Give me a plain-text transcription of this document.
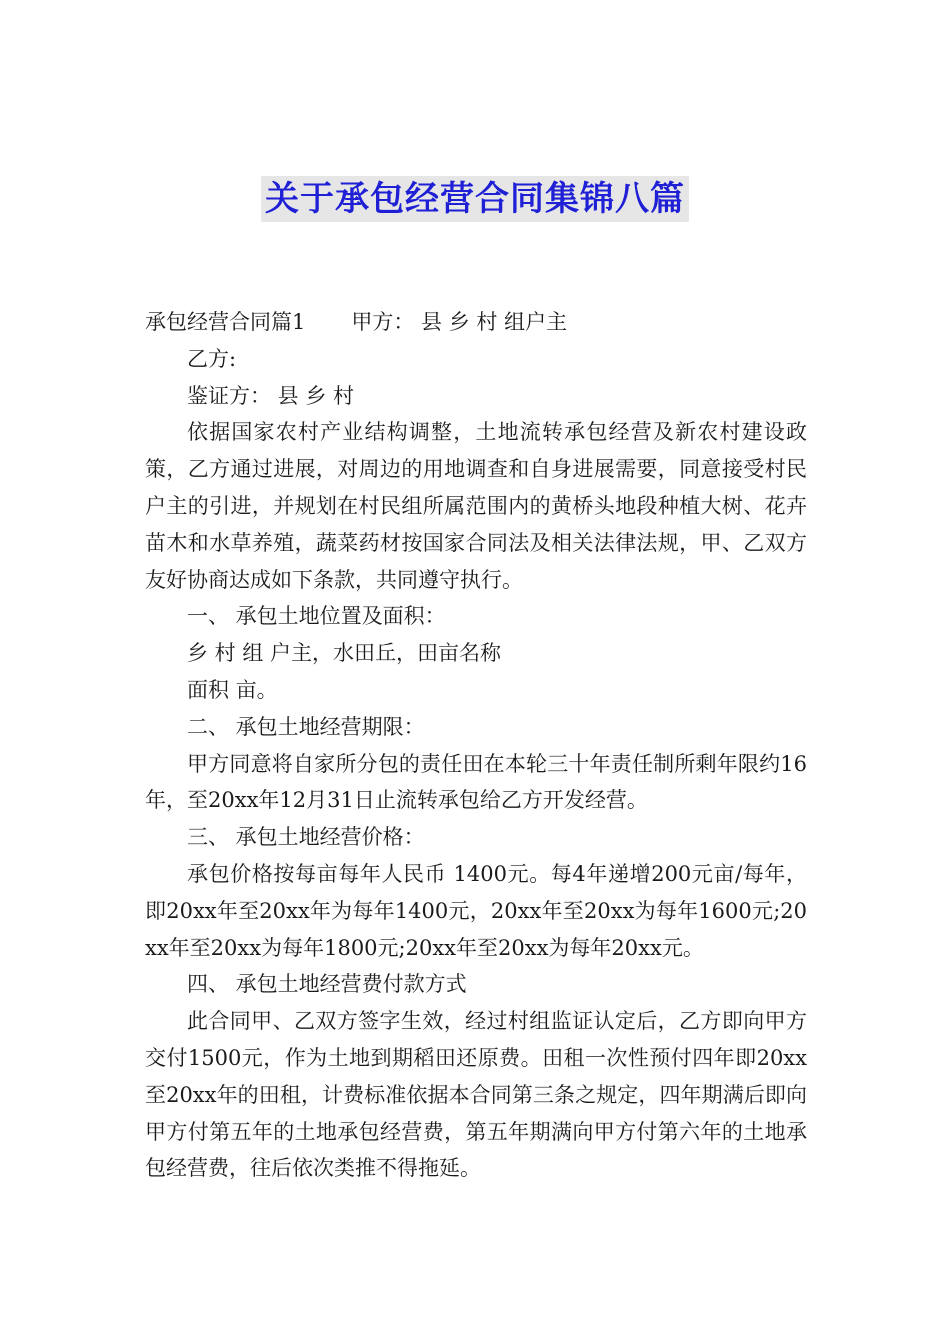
关于承包经营合同集锦八篇

承包经营合同篇1 甲方： 县 乡 村 组户主

乙方:

鉴证方： 县 乡 村

依据国家农村产业结构调整，土地流转承包经营及新农村建设政策，乙方通过进展，对周边的用地调查和自身进展需要，同意接受村民户主的引进，并规划在村民组所属范围内的黄桥头地段种植大树、花卉苗木和水草养殖，蔬菜药材按国家合同法及相关法律法规，甲、乙双方友好协商达成如下条款，共同遵守执行。

一、 承包土地位置及面积：

乡 村 组 户主，水田丘，田亩名称

面积 亩。

二、 承包土地经营期限：

甲方同意将自家所分包的责任田在本轮三十年责任制所剩年限约16年，至20xx年12月31日止流转承包给乙方开发经营。

三、 承包土地经营价格：

承包价格按每亩每年人民币 1400元。每4年递增200元亩/每年，即20xx年至20xx年为每年1400元，20xx年至20xx为每年1600元;20xx年至20xx为每年1800元;20xx年至20xx为每年20xx元。

四、 承包土地经营费付款方式

此合同甲、乙双方签字生效，经过村组监证认定后，乙方即向甲方交付1500元，作为土地到期稻田还原费。田租一次性预付四年即20xx至20xx年的田租，计费标准依据本合同第三条之规定，四年期满后即向甲方付第五年的土地承包经营费，第五年期满向甲方付第六年的土地承包经营费，往后依次类推不得拖延。
